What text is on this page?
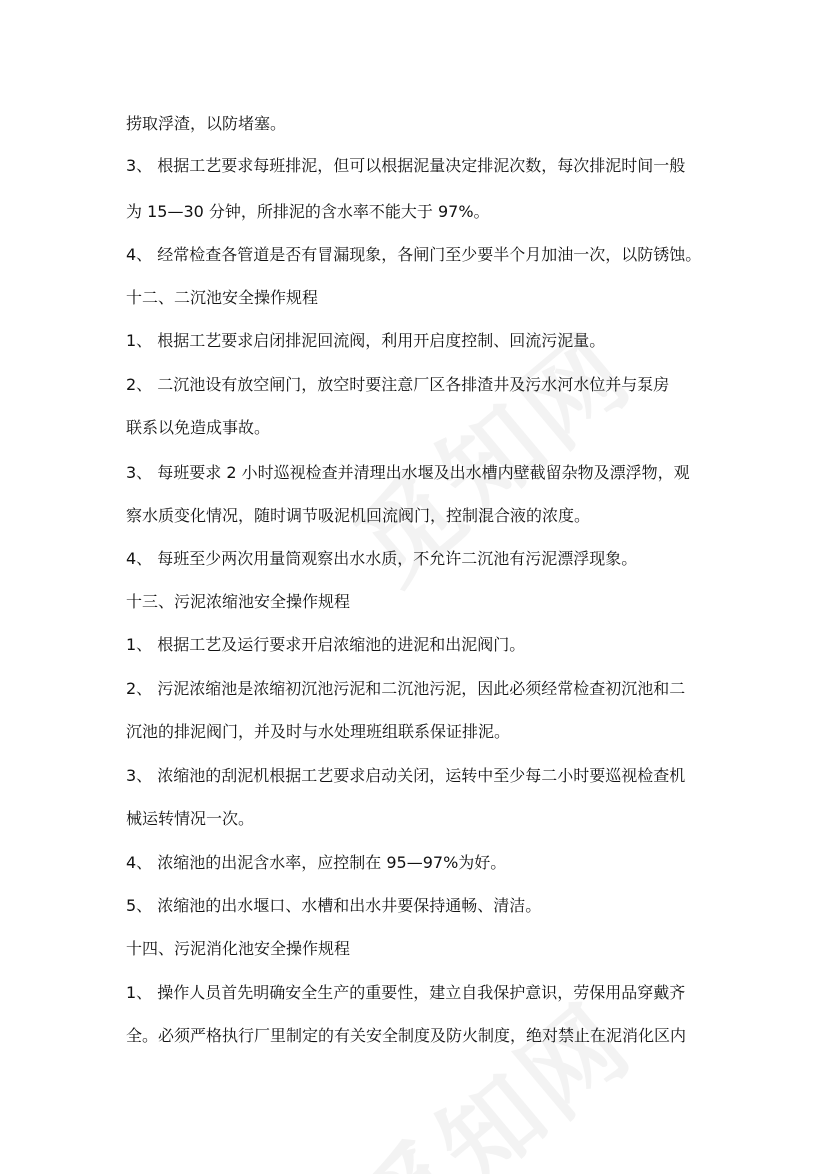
捞取浮渣，以防堵塞。
3、 根据工艺要求每班排泥，但可以根据泥量决定排泥次数，每次排泥时间一般
为 15—30 分钟，所排泥的含水率不能大于 97%。
4、 经常检查各管道是否有冒漏现象，各闸门至少要半个月加油一次，以防锈蚀。
十二、二沉池安全操作规程
1、 根据工艺要求启闭排泥回流阀，利用开启度控制、回流污泥量。
2、 二沉池设有放空闸门，放空时要注意厂区各排渣井及污水河水位并与泵房
联系以免造成事故。
3、 每班要求 2 小时巡视检查并清理出水堰及出水槽内壁截留杂物及漂浮物，观
察水质变化情况，随时调节吸泥机回流阀门，控制混合液的浓度。
4、 每班至少两次用量筒观察出水水质，不允许二沉池有污泥漂浮现象。
十三、污泥浓缩池安全操作规程
1、 根据工艺及运行要求开启浓缩池的进泥和出泥阀门。
2、 污泥浓缩池是浓缩初沉池污泥和二沉池污泥，因此必须经常检查初沉池和二
沉池的排泥阀门，并及时与水处理班组联系保证排泥。
3、 浓缩池的刮泥机根据工艺要求启动关闭，运转中至少每二小时要巡视检查机
械运转情况一次。
4、 浓缩池的出泥含水率，应控制在 95—97%为好。
5、 浓缩池的出水堰口、水槽和出水井要保持通畅、清洁。
十四、污泥消化池安全操作规程
1、 操作人员首先明确安全生产的重要性，建立自我保护意识，劳保用品穿戴齐
全。必须严格执行厂里制定的有关安全制度及防火制度，绝对禁止在泥消化区内
